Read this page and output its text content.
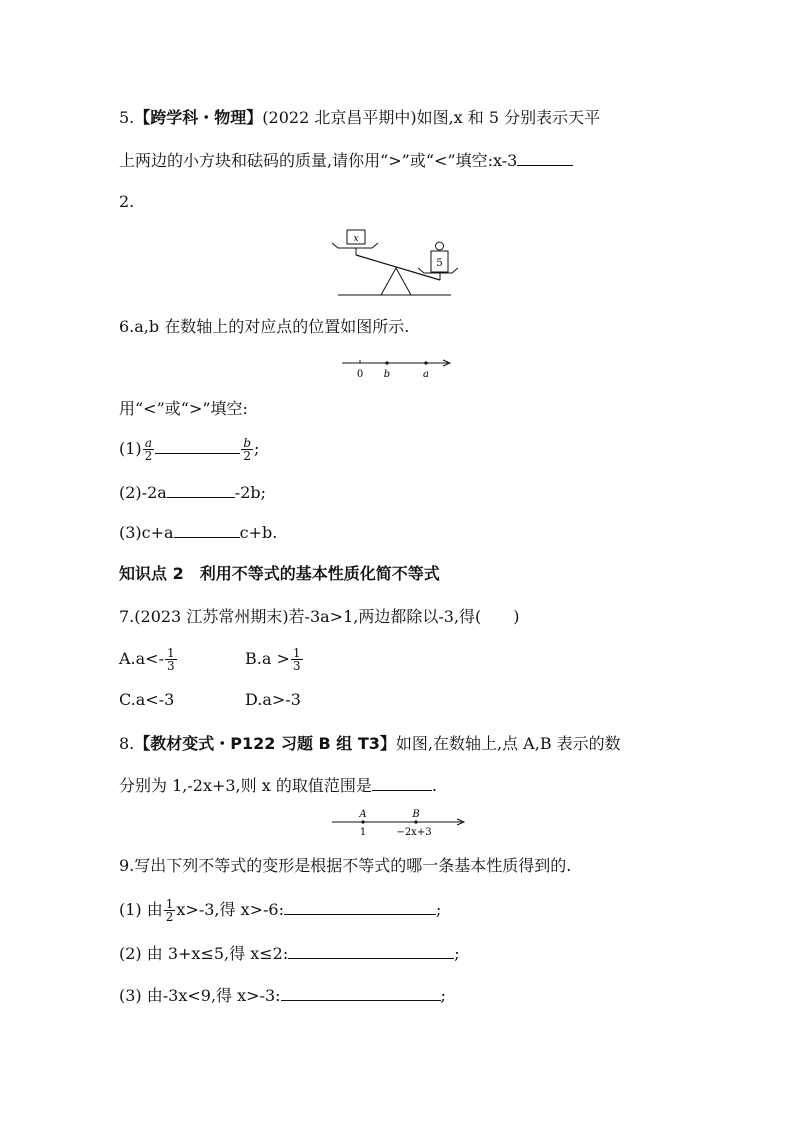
5.【跨学科・物理】(2022 北京昌平期中)如图,x 和 5 分别表示天平
上两边的小方块和砝码的质量,请你用“>”或“<”填空:x-3
2.
x
5
6.a,b 在数轴上的对应点的位置如图所示.
0 b	a
用“<”或“>”填空:
$(1) \frac{a}{2}$	$\frac{b}{2}$ ;
(2)-2a	-2b;
(3)c+a	c+b.
知识点 2　利用不等式的基本性质化简不等式
7.(2023 江苏常州期末)若-3a>1,两边都除以-3,得(　　)
$A.a<- \frac{1}{3}$	$B.a > \frac{1}{3}$
C.a<-3	D.a>-3
8.【教材变式・P122 习题 B 组 T3】如图,在数轴上,点 A,B 表示的数
分别为 1,-2x+3,则 x 的取值范围是	.
A	B
1	−2x+3
9.写出下列不等式的变形是根据不等式的哪一条基本性质得到的.
(1) 由 $\frac{1}{2} x>-3$,得 x>-6:	;
(2) 由 3+x≤5,得 x≤2:	;
(3) 由-3x<9,得 x>-3:	;
